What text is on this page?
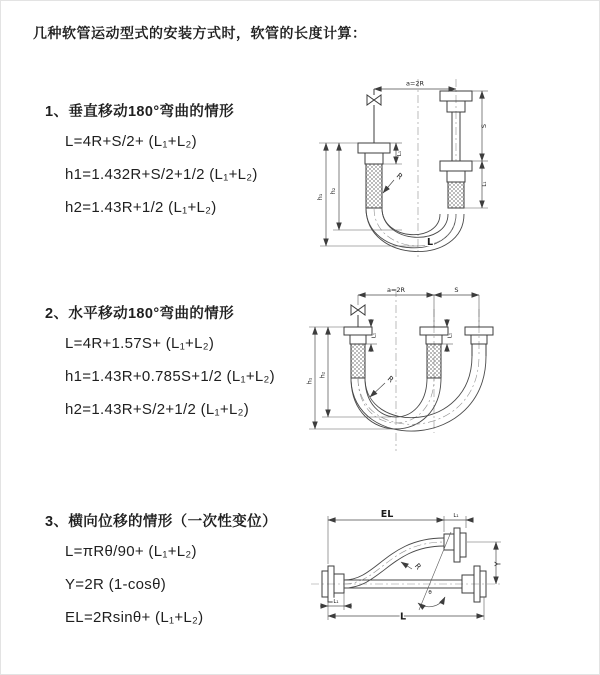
几种软管运动型式的安装方式时，软管的长度计算：
1、垂直移动180°弯曲的情形
L=4R+S/2+ (L₁+L₂)
h1=1.432R+S/2+1/2 (L₁+L₂)
h2=1.43R+1/2 (L₁+L₂)
a=2R
h₁
h₂
L₁
S
L₁
R
L
2、水平移动180°弯曲的情形
L=4R+1.57S+ (L₁+L₂)
h1=1.43R+0.785S+1/2 (L₁+L₂)
h2=1.43R+S/2+1/2 (L₁+L₂)
a=2R	S
h₁
h₂
L₁	L₁
R
3、横向位移的情形（一次性变位）
L=πRθ/90+ (L₁+L₂)
Y=2R (1-cosθ)
EL=2Rsinθ+ (L₁+L₂)
EL	L₁
Y
L
L₁
θ
R
